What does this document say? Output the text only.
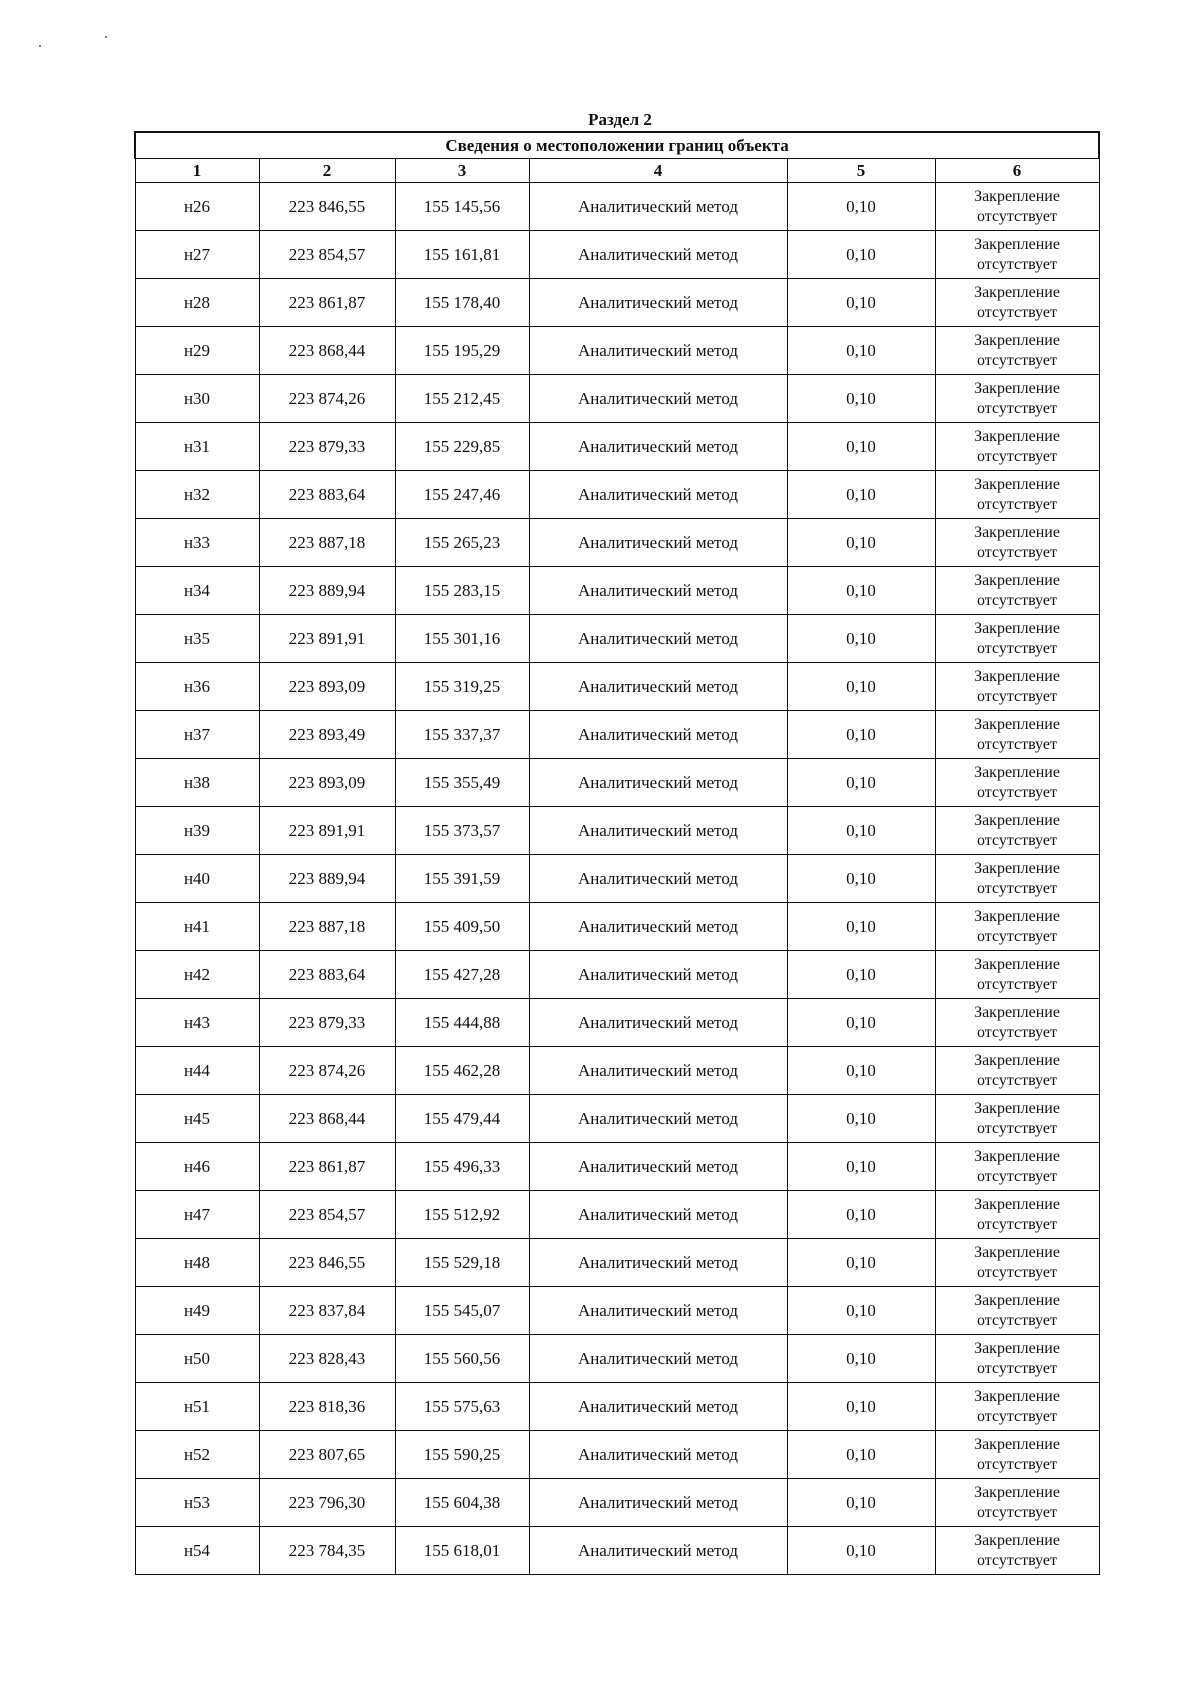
Раздел 2
Сведения о местоположении границ объекта					
1	2	3	4	5	6
н26	223 846,55	155 145,56	Аналитический метод	0,10	Закрепление
отсутствует

н27	223 854,57	155 161,81	Аналитический метод	0,10	Закрепление
отсутствует

н28	223 861,87	155 178,40	Аналитический метод	0,10	Закрепление
отсутствует

н29	223 868,44	155 195,29	Аналитический метод	0,10	Закрепление
отсутствует

н30	223 874,26	155 212,45	Аналитический метод	0,10	Закрепление
отсутствует

н31	223 879,33	155 229,85	Аналитический метод	0,10	Закрепление
отсутствует

н32	223 883,64	155 247,46	Аналитический метод	0,10	Закрепление
отсутствует

н33	223 887,18	155 265,23	Аналитический метод	0,10	Закрепление
отсутствует

н34	223 889,94	155 283,15	Аналитический метод	0,10	Закрепление
отсутствует

н35	223 891,91	155 301,16	Аналитический метод	0,10	Закрепление
отсутствует

н36	223 893,09	155 319,25	Аналитический метод	0,10	Закрепление
отсутствует

н37	223 893,49	155 337,37	Аналитический метод	0,10	Закрепление
отсутствует

н38	223 893,09	155 355,49	Аналитический метод	0,10	Закрепление
отсутствует

н39	223 891,91	155 373,57	Аналитический метод	0,10	Закрепление
отсутствует

н40	223 889,94	155 391,59	Аналитический метод	0,10	Закрепление
отсутствует

н41	223 887,18	155 409,50	Аналитический метод	0,10	Закрепление
отсутствует

н42	223 883,64	155 427,28	Аналитический метод	0,10	Закрепление
отсутствует

н43	223 879,33	155 444,88	Аналитический метод	0,10	Закрепление
отсутствует

н44	223 874,26	155 462,28	Аналитический метод	0,10	Закрепление
отсутствует

н45	223 868,44	155 479,44	Аналитический метод	0,10	Закрепление
отсутствует

н46	223 861,87	155 496,33	Аналитический метод	0,10	Закрепление
отсутствует

н47	223 854,57	155 512,92	Аналитический метод	0,10	Закрепление
отсутствует

н48	223 846,55	155 529,18	Аналитический метод	0,10	Закрепление
отсутствует

н49	223 837,84	155 545,07	Аналитический метод	0,10	Закрепление
отсутствует

н50	223 828,43	155 560,56	Аналитический метод	0,10	Закрепление
отсутствует

н51	223 818,36	155 575,63	Аналитический метод	0,10	Закрепление
отсутствует

н52	223 807,65	155 590,25	Аналитический метод	0,10	Закрепление
отсутствует

н53	223 796,30	155 604,38	Аналитический метод	0,10	Закрепление
отсутствует

н54	223 784,35	155 618,01	Аналитический метод	0,10	Закрепление
отсутствует
